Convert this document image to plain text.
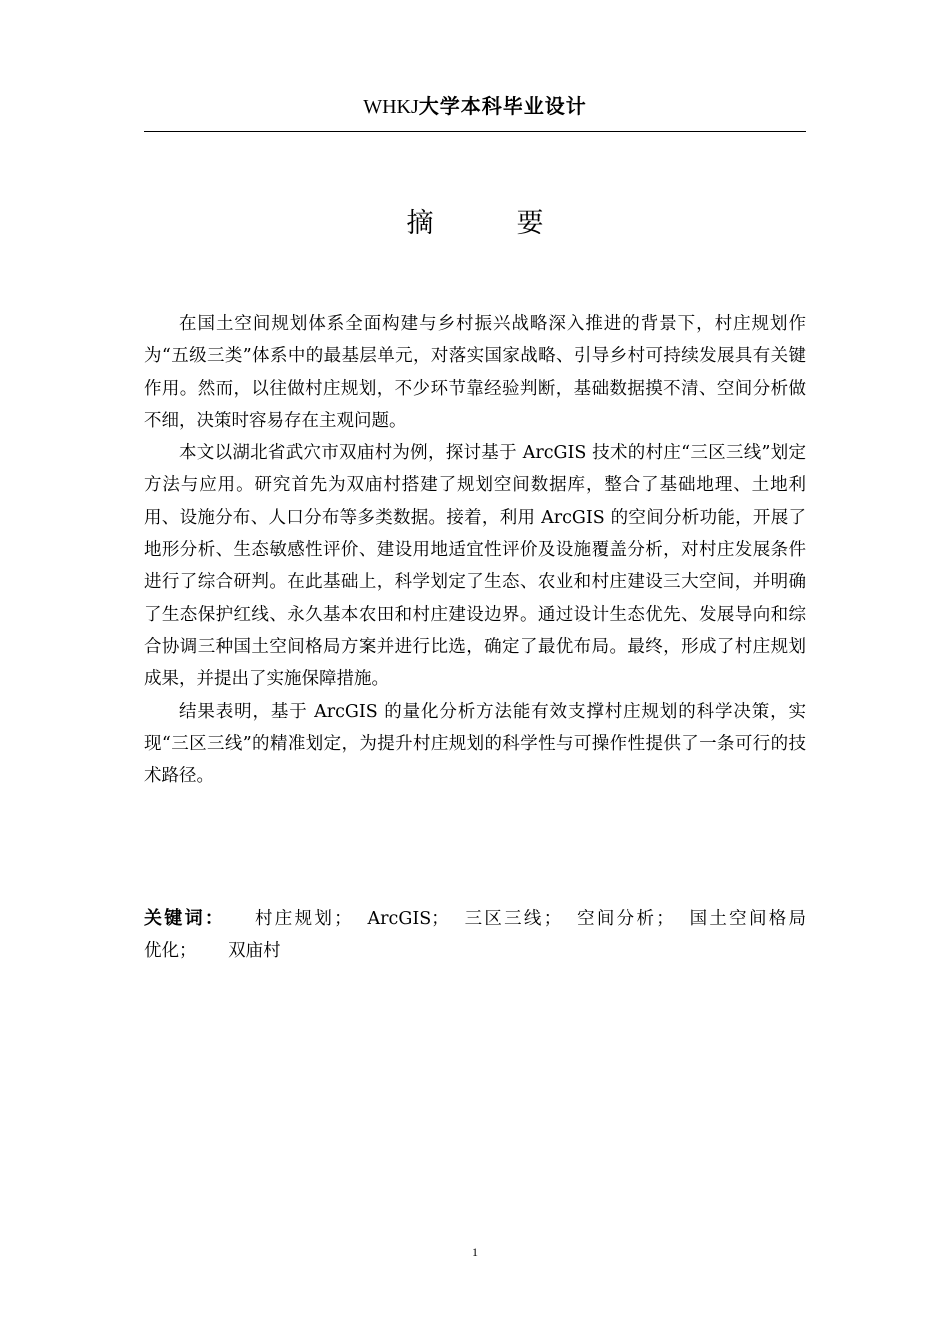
WHKJ大学本科毕业设计
摘　要

在国土空间规划体系全面构建与乡村振兴战略深入推进的背景下，村庄规划作为“五级三类”体系中的最基层单元，对落实国家战略、引导乡村可持续发展具有关键作用。然而，以往做村庄规划，不少环节靠经验判断，基础数据摸不清、空间分析做不细，决策时容易存在主观问题。

本文以湖北省武穴市双庙村为例，探讨基于 ArcGIS 技术的村庄“三区三线”划定方法与应用。研究首先为双庙村搭建了规划空间数据库，整合了基础地理、土地利用、设施分布、人口分布等多类数据。接着，利用 ArcGIS 的空间分析功能，开展了地形分析、生态敏感性评价、建设用地适宜性评价及设施覆盖分析，对村庄发展条件进行了综合研判。在此基础上，科学划定了生态、农业和村庄建设三大空间，并明确了生态保护红线、永久基本农田和村庄建设边界。通过设计生态优先、发展导向和综合协调三种国土空间格局方案并进行比选，确定了最优布局。最终，形成了村庄规划成果，并提出了实施保障措施。

结果表明，基于 ArcGIS 的量化分析方法能有效支撑村庄规划的科学决策，实现“三区三线”的精准划定，为提升村庄规划的科学性与可操作性提供了一条可行的技术路径。

关键词： 村庄规划； ArcGIS； 三区三线； 空间分析； 国土空间格局
优化； 双庙村
1
